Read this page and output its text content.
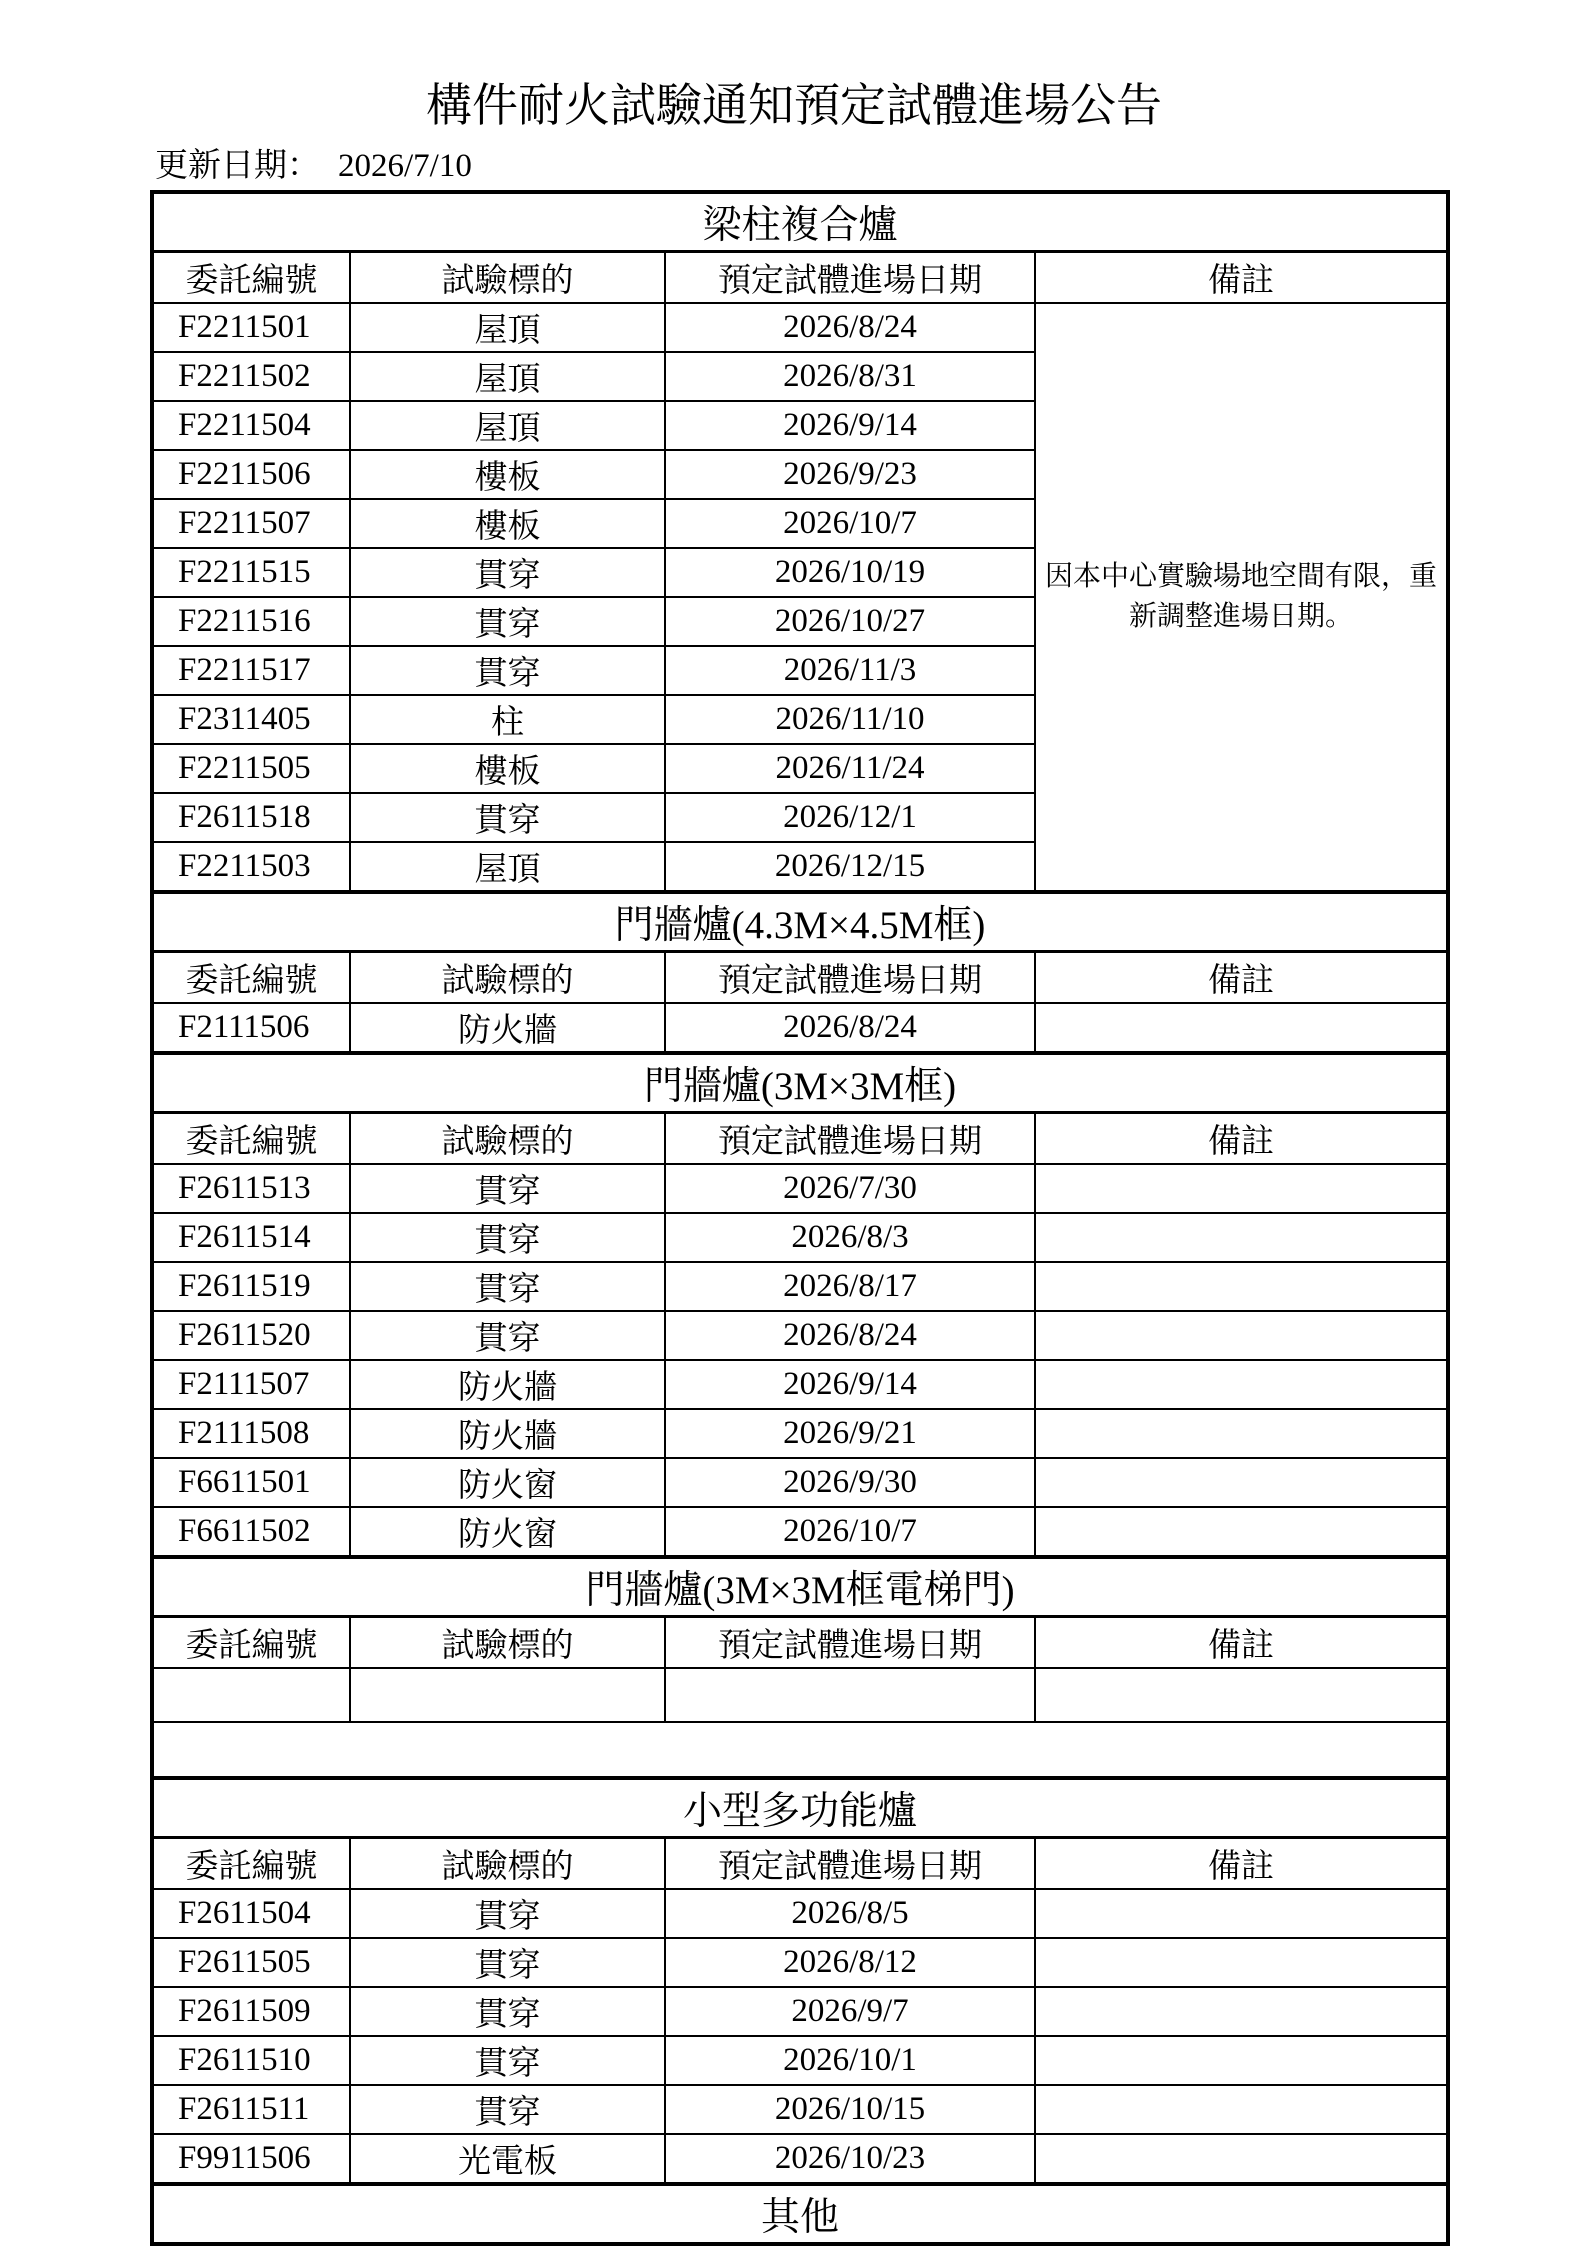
構件耐火試驗通知預定試體進場公告
更新日期： 2026/7/10
梁柱複合爐			
委託編號	試驗標的	預定試體進場日期	備註
F2211501	屋頂	2026/8/24	因本中心實驗場地空間有限，重新調整進場日期。
F2211502	屋頂	2026/8/31	
F2211504	屋頂	2026/9/14	
F2211506	樓板	2026/9/23	
F2211507	樓板	2026/10/7	
F2211515	貫穿	2026/10/19	
F2211516	貫穿	2026/10/27	
F2211517	貫穿	2026/11/3	
F2311405	柱	2026/11/10	
F2211505	樓板	2026/11/24	
F2611518	貫穿	2026/12/1	
F2211503	屋頂	2026/12/15	
門牆爐(4.3M×4.5M框)			
委託編號	試驗標的	預定試體進場日期	備註
F2111506	防火牆	2026/8/24	
門牆爐(3M×3M框)			
委託編號	試驗標的	預定試體進場日期	備註
F2611513	貫穿	2026/7/30	
F2611514	貫穿	2026/8/3	
F2611519	貫穿	2026/8/17	
F2611520	貫穿	2026/8/24	
F2111507	防火牆	2026/9/14	
F2111508	防火牆	2026/9/21	
F6611501	防火窗	2026/9/30	
F6611502	防火窗	2026/10/7	
門牆爐(3M×3M框電梯門)			
委託編號	試驗標的	預定試體進場日期	備註

小型多功能爐			
委託編號	試驗標的	預定試體進場日期	備註
F2611504	貫穿	2026/8/5	
F2611505	貫穿	2026/8/12	
F2611509	貫穿	2026/9/7	
F2611510	貫穿	2026/10/1	
F2611511	貫穿	2026/10/15	
F9911506	光電板	2026/10/23	
其他			
